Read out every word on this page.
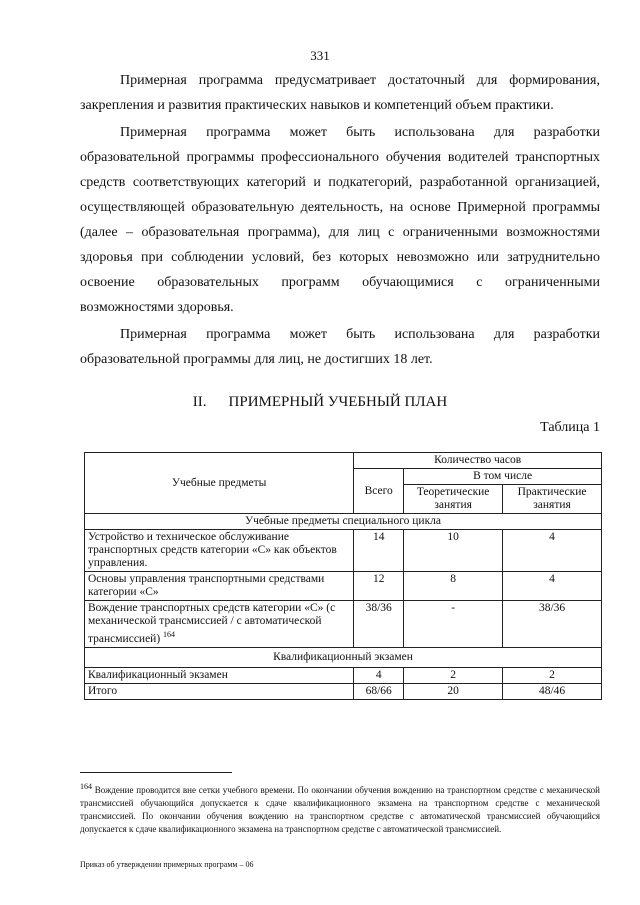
331

Примерная программа предусматривает достаточный для формирования, закрепления и развития практических навыков и компетенций объем практики.

Примерная программа может быть использована для разработки образовательной программы профессионального обучения водителей транспортных средств соответствующих категорий и подкатегорий, разработанной организацией, осуществляющей образовательную деятельность, на основе Примерной программы (далее – образовательная программа), для лиц с ограниченными возможностями здоровья при соблюдении условий, без которых невозможно или затруднительно освоение образовательных программ обучающимися с ограниченными возможностями здоровья.

Примерная программа может быть использована для разработки образовательной программы для лиц, не достигших 18 лет.

II. ПРИМЕРНЫЙ УЧЕБНЫЙ ПЛАН
Таблица 1
Учебные предметы	Количество часов		
	Всего	В том числе	
		Теоретические занятия	Практические занятия
Учебные предметы специального цикла			
Устройство и техническое обслуживание транспортных средств категории «С» как объектов управления.	14	10	4
Основы управления транспортными средствами категории «С»	12	8	4
Вождение транспортных средств категории «С» (с механической трансмиссией / с автоматической трансмиссией) $^{164}$	38/36	-	38/36
Квалификационный экзамен			
Квалификационный экзамен	4	2	2
Итого	68/66	20	48/46

$^{164}$ Вождение проводится вне сетки учебного времени. По окончании обучения вождению на транспортном средстве с механической трансмиссией обучающийся допускается к сдаче квалификационного экзамена на транспортном средстве с механической трансмиссией. По окончании обучения вождению на транспортном средстве с автоматической трансмиссией обучающийся допускается к сдаче квалификационного экзамена на транспортном средстве с автоматической трансмиссией.

Приказ об утверждении примерных программ – 06
